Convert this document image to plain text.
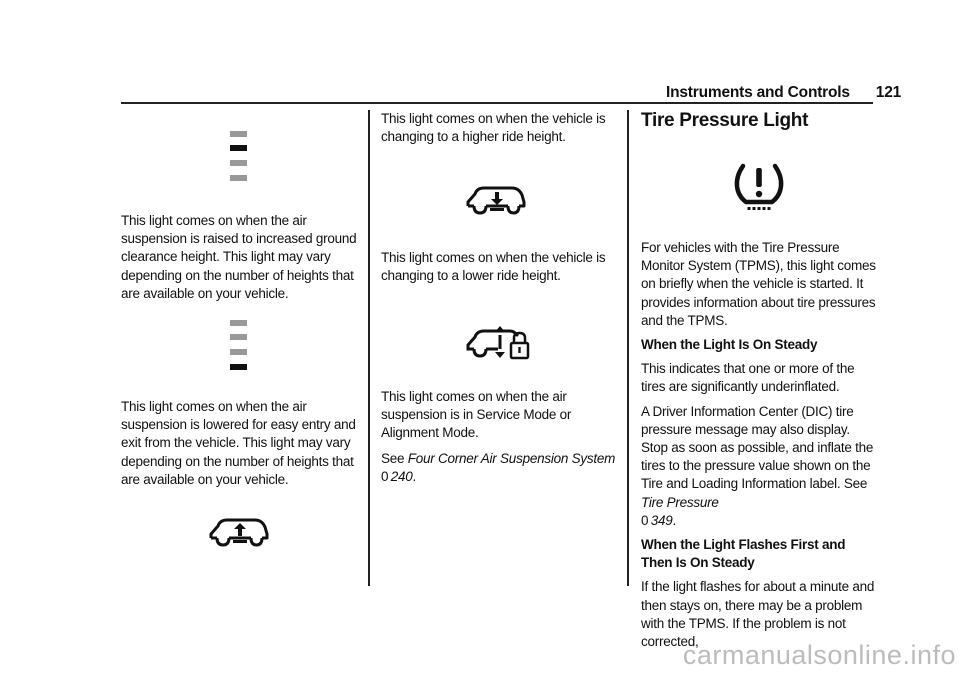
Instruments and Controls 121

This light comes on when the air suspension is raised to increased ground clearance height. This light may vary depending on the number of heights that are available on your vehicle.

This light comes on when the air suspension is lowered for easy entry and exit from the vehicle. This light may vary depending on the number of heights that are available on your vehicle.

This light comes on when the vehicle is changing to a higher ride height.

This light comes on when the vehicle is changing to a lower ride height.

This light comes on when the air suspension is in Service Mode or Alignment Mode.

See Four Corner Air Suspension System
0  240.

Tire Pressure Light

For vehicles with the Tire Pressure Monitor System (TPMS), this light comes on briefly when the vehicle is started. It provides information about tire pressures and the TPMS.

When the Light Is On Steady

This indicates that one or more of the tires are significantly underinflated.

A Driver Information Center (DIC) tire pressure message may also display. Stop as soon as possible, and inflate the tires to the pressure value shown on the Tire and Loading Information label. See Tire Pressure
0  349.

When the Light Flashes First and Then Is On Steady

If the light flashes for about a minute and then stays on, there may be a problem with the TPMS. If the problem is not corrected,

carmanualsonline.info
